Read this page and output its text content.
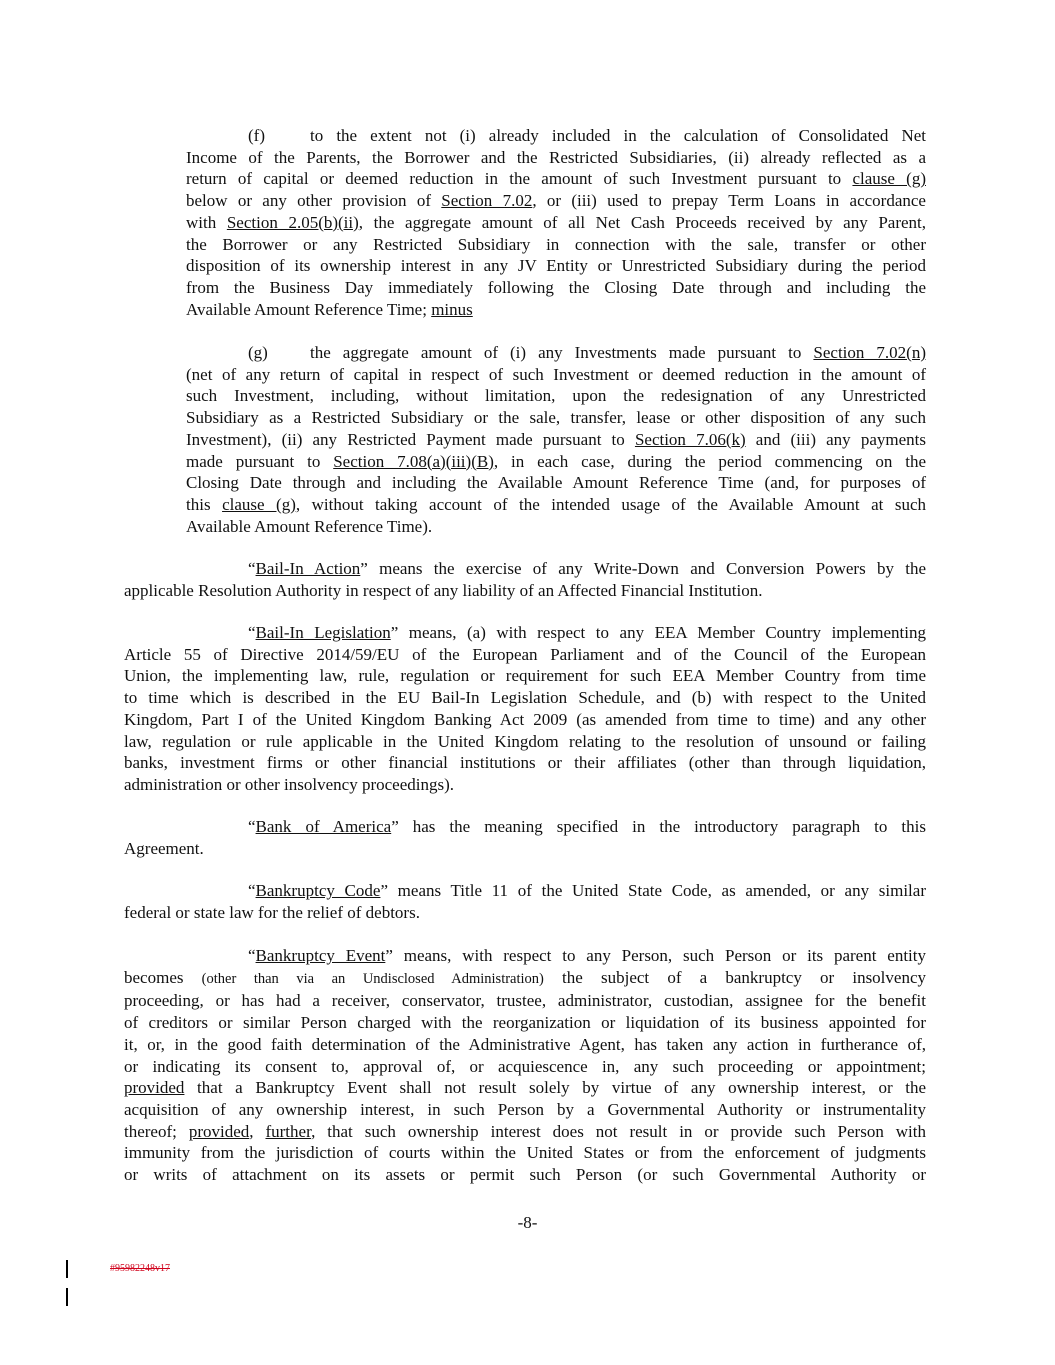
(f)	to the extent not (i) already included in the calculation of Consolidated Net
Income of the Parents, the Borrower and the Restricted Subsidiaries, (ii) already reflected as a
return of capital or deemed reduction in the amount of such Investment pursuant to clause (g)
below or any other provision of Section 7.02, or (iii) used to prepay Term Loans in accordance
with Section 2.05(b)(ii), the aggregate amount of all Net Cash Proceeds received by any Parent,
the Borrower or any Restricted Subsidiary in connection with the sale, transfer or other
disposition of its ownership interest in any JV Entity or Unrestricted Subsidiary during the period
from the Business Day immediately following the Closing Date through and including the
Available Amount Reference Time; minus
(g) the aggregate amount of (i) any Investments made pursuant to Section 7.02(n)
(net of any return of capital in respect of such Investment or deemed reduction in the amount of
such Investment, including, without limitation, upon the redesignation of any Unrestricted
Subsidiary as a Restricted Subsidiary or the sale, transfer, lease or other disposition of any such
Investment), (ii) any Restricted Payment made pursuant to Section 7.06(k) and (iii) any payments
made pursuant to Section 7.08(a)(iii)(B), in each case, during the period commencing on the
Closing Date through and including the Available Amount Reference Time (and, for purposes of
this clause (g), without taking account of the intended usage of the Available Amount at such
Available Amount Reference Time).
“Bail-In Action” means the exercise of any Write-Down and Conversion Powers by the
applicable Resolution Authority in respect of any liability of an Affected Financial Institution.
“Bail-In Legislation” means, (a) with respect to any EEA Member Country implementing
Article 55 of Directive 2014/59/EU of the European Parliament and of the Council of the European
Union, the implementing law, rule, regulation or requirement for such EEA Member Country from time
to time which is described in the EU Bail-In Legislation Schedule, and (b) with respect to the United
Kingdom, Part I of the United Kingdom Banking Act 2009 (as amended from time to time) and any other
law, regulation or rule applicable in the United Kingdom relating to the resolution of unsound or failing
banks, investment firms or other financial institutions or their affiliates (other than through liquidation,
administration or other insolvency proceedings).
“Bank of America” has the meaning specified in the introductory paragraph to this
Agreement.
“Bankruptcy Code” means Title 11 of the United State Code, as amended, or any similar
federal or state law for the relief of debtors.
“Bankruptcy Event” means, with respect to any Person, such Person or its parent entity
becomes (other than via an Undisclosed Administration) the subject of a bankruptcy or insolvency
proceeding, or has had a receiver, conservator, trustee, administrator, custodian, assignee for the benefit
of creditors or similar Person charged with the reorganization or liquidation of its business appointed for
it, or, in the good faith determination of the Administrative Agent, has taken any action in furtherance of,
or indicating its consent to, approval of, or acquiescence in, any such proceeding or appointment;
provided that a Bankruptcy Event shall not result solely by virtue of any ownership interest, or the
acquisition of any ownership interest, in such Person by a Governmental Authority or instrumentality
thereof; provided, further, that such ownership interest does not result in or provide such Person with
immunity from the jurisdiction of courts within the United States or from the enforcement of judgments
or writs of attachment on its assets or permit such Person (or such Governmental Authority or
-8-
#95982248v17
